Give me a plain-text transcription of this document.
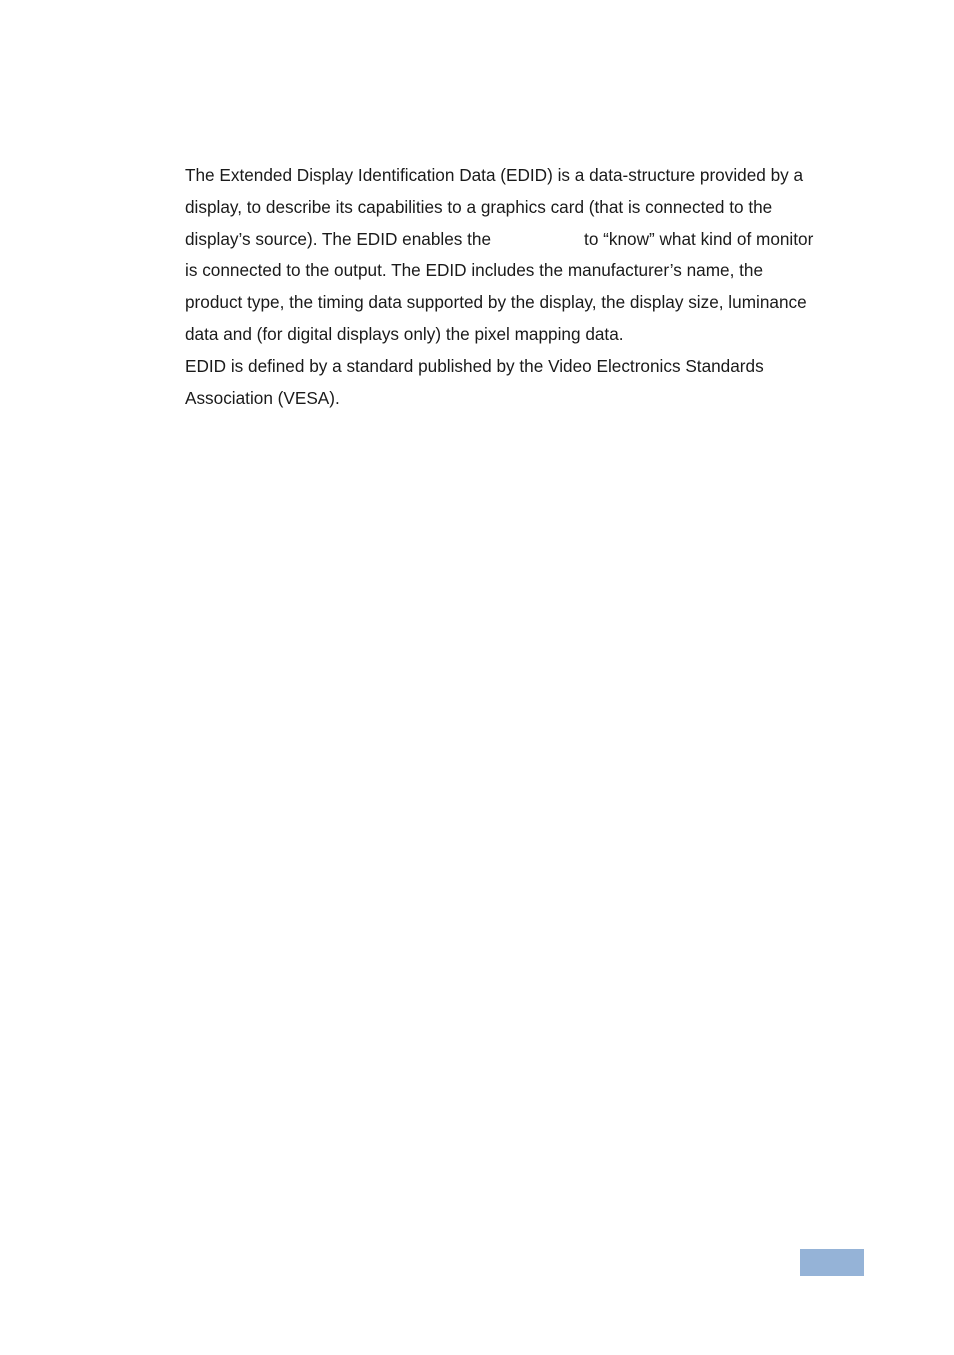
The Extended Display Identification Data (EDID) is a data-structure provided by a
display, to describe its capabilities to a graphics card (that is connected to the
display’s source). The EDID enables the	to “know” what kind of monitor
is connected to the output. The EDID includes the manufacturer’s name, the
product type, the timing data supported by the display, the display size, luminance
data and (for digital displays only) the pixel mapping data.
EDID is defined by a standard published by the Video Electronics Standards
Association (VESA).
